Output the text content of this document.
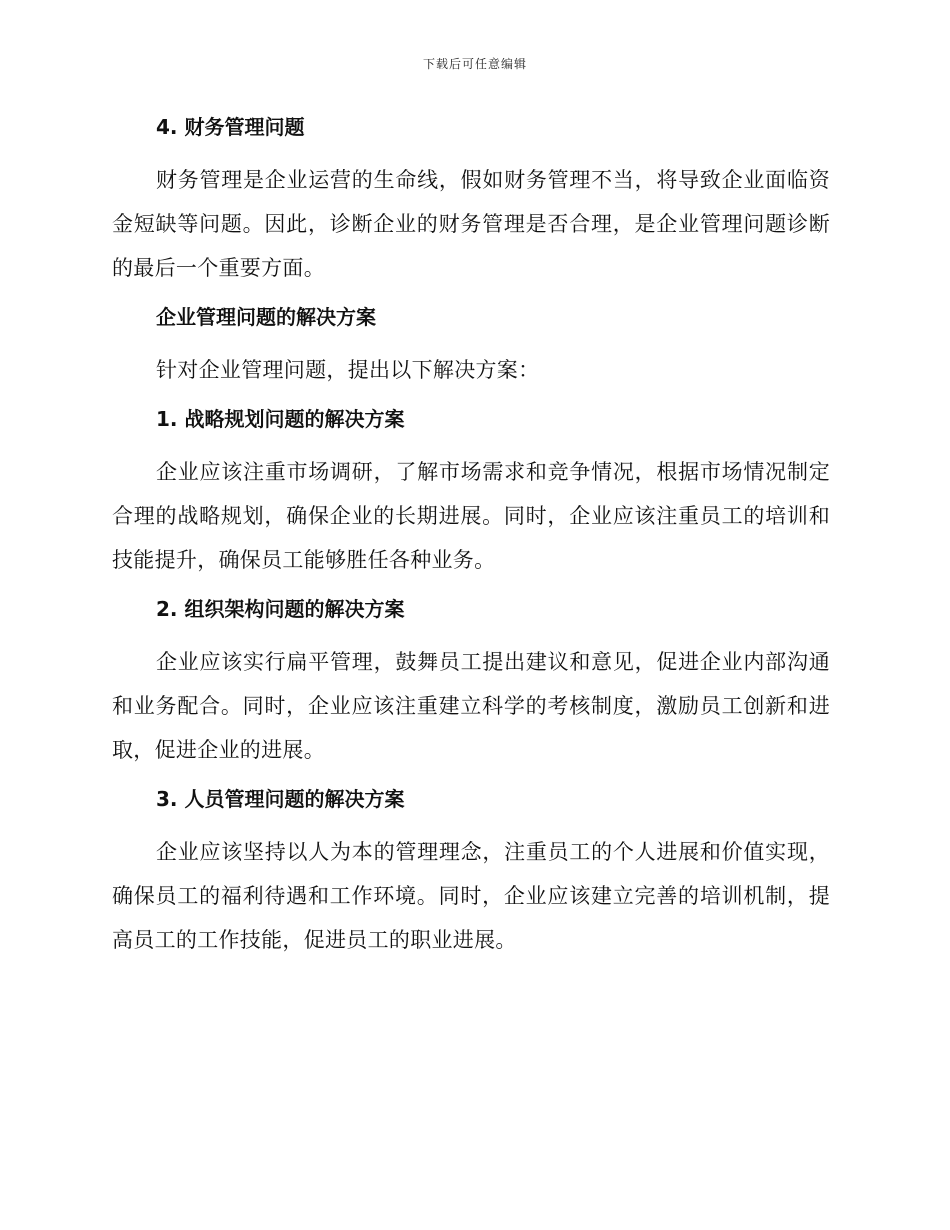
下载后可任意编辑
4. 财务管理问题
财务管理是企业运营的生命线，假如财务管理不当，将导致企业面临资金短缺等问题。因此，诊断企业的财务管理是否合理，是企业管理问题诊断的最后一个重要方面。
企业管理问题的解决方案
针对企业管理问题，提出以下解决方案：
1. 战略规划问题的解决方案
企业应该注重市场调研，了解市场需求和竞争情况，根据市场情况制定合理的战略规划，确保企业的长期进展。同时，企业应该注重员工的培训和技能提升，确保员工能够胜任各种业务。
2. 组织架构问题的解决方案
企业应该实行扁平管理，鼓舞员工提出建议和意见，促进企业内部沟通和业务配合。同时，企业应该注重建立科学的考核制度，激励员工创新和进取，促进企业的进展。
3. 人员管理问题的解决方案
企业应该坚持以人为本的管理理念，注重员工的个人进展和价值实现，确保员工的福利待遇和工作环境。同时，企业应该建立完善的培训机制，提高员工的工作技能，促进员工的职业进展。
